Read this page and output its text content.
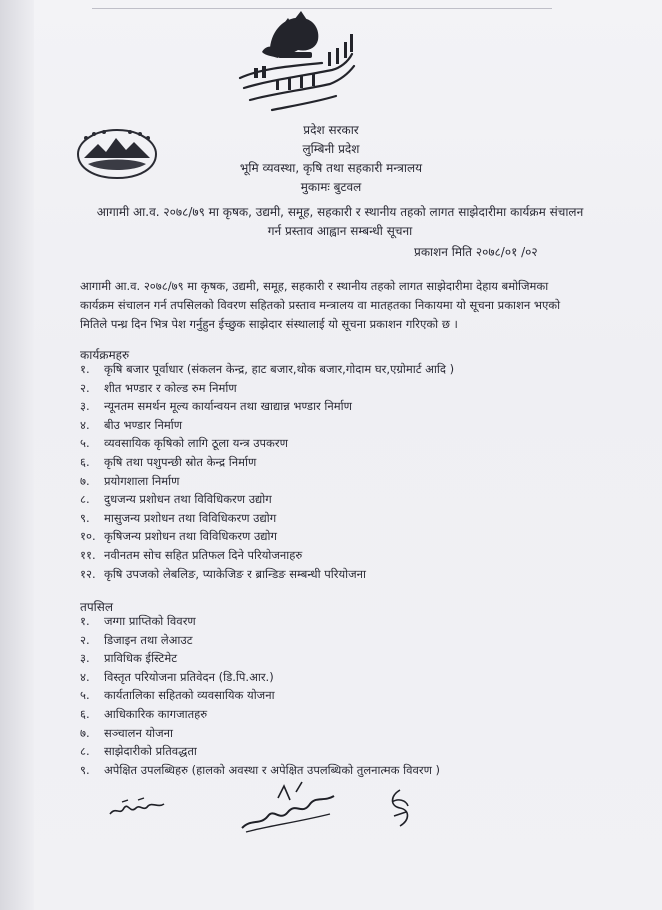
प्रदेश सरकार
लुम्बिनी प्रदेश
भूमि व्यवस्था, कृषि तथा सहकारी मन्त्रालय
मुकामः बुटवल
आगामी आ.व. २०७८/७९ मा कृषक, उद्यमी, समूह, सहकारी र स्थानीय तहको लागत साझेदारीमा कार्यक्रम संचालन
गर्न प्रस्ताव आह्वान सम्बन्धी सूचना
प्रकाशन मिति २०७८/०१ /०२
आगामी आ.व. २०७८/७९ मा कृषक, उद्यमी, समूह, सहकारी र स्थानीय तहको लागत साझेदारीमा देहाय बमोजिमका
कार्यक्रम संचालन गर्न तपसिलको विवरण सहितको प्रस्ताव मन्त्रालय वा मातहतका निकायमा यो सूचना प्रकाशन भएको
मितिले पन्ध्र दिन भित्र पेश गर्नुहुन ईच्छुक साझेदार संस्थालाई यो सूचना प्रकाशन गरिएको छ ।
कार्यक्रमहरु
१. कृषि बजार पूर्वाधार (संकलन केन्द्र, हाट बजार,थोक बजार,गोदाम घर,एग्रोमार्ट आदि )
२. शीत भण्डार र कोल्ड रुम निर्माण
३. न्यूनतम समर्थन मूल्य कार्यान्वयन तथा खाद्यान्न भण्डार निर्माण
४. बीउ भण्डार निर्माण
५. व्यवसायिक कृषिको लागि ठूला यन्त्र उपकरण
६. कृषि तथा पशुपन्छी स्रोत केन्द्र निर्माण
७. प्रयोगशाला निर्माण
८. दुधजन्य प्रशोधन तथा विविधिकरण उद्योग
९. मासुजन्य प्रशोधन तथा विविधिकरण उद्योग
१०. कृषिजन्य प्रशोधन तथा विविधिकरण उद्योग
११. नवीनतम सोच सहित प्रतिफल दिने परियोजनाहरु
१२. कृषि उपजको लेबलिङ, प्याकेजिङ र ब्रान्डिङ सम्बन्धी परियोजना
तपसिल
१. जग्गा प्राप्तिको विवरण
२. डिजाइन तथा लेआउट
३. प्राविधिक ईस्टिमेट
४. विस्तृत परियोजना प्रतिवेदन (डि.पि.आर.)
५. कार्यतालिका सहितको व्यवसायिक योजना
६. आधिकारिक कागजातहरु
७. सञ्चालन योजना
८. साझेदारीको प्रतिवद्धता
९. अपेक्षित उपलब्धिहरु (हालको अवस्था र अपेक्षित उपलब्धिको तुलनात्मक विवरण )
